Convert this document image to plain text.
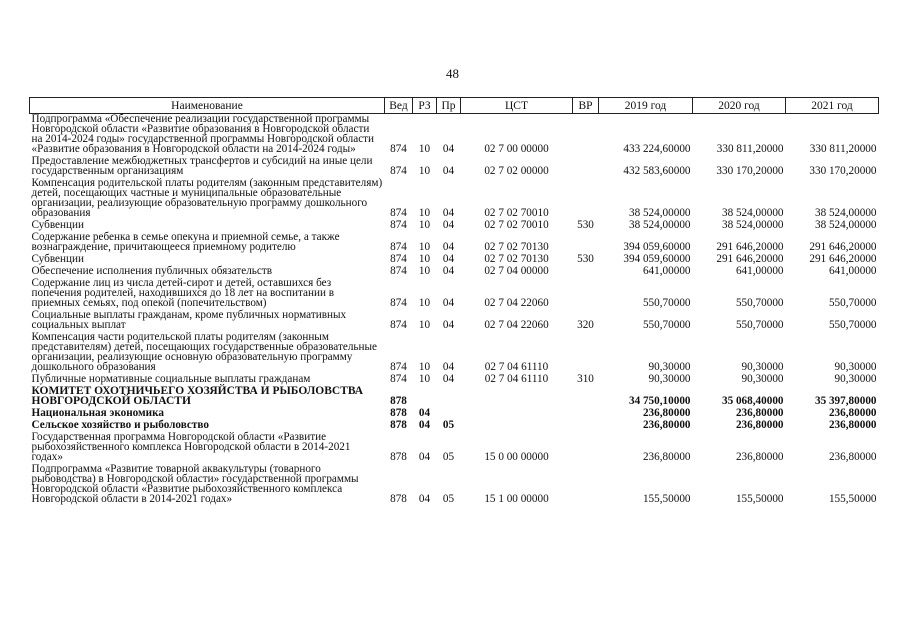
48
Наименование	Вед	РЗ	Пр	ЦСТ	ВР	2019 год	2020 год	2021 год
Подпрограмма «Обеспечение реализации государственной программы Новгородской области «Развитие образования в Новгородской области на 2014-2024 годы» государственной программы Новгородской области «Развитие образования в Новгородской области на 2014-2024 годы»	874	10	04	02 7 00 00000		433 224,60000	330 811,20000	330 811,20000
Предоставление межбюджетных трансфертов и субсидий на иные цели государственным организациям	874	10	04	02 7 02 00000		432 583,60000	330 170,20000	330 170,20000
Компенсация родительской платы родителям (законным представителям) детей, посещающих частные и муниципальные образовательные организации, реализующие образовательную программу дошкольного образования	874	10	04	02 7 02 70010		38 524,00000	38 524,00000	38 524,00000
Субвенции	874	10	04	02 7 02 70010	530	38 524,00000	38 524,00000	38 524,00000
Содержание ребенка в семье опекуна и приемной семье, а также вознаграждение, причитающееся приемному родителю	874	10	04	02 7 02 70130		394 059,60000	291 646,20000	291 646,20000
Субвенции	874	10	04	02 7 02 70130	530	394 059,60000	291 646,20000	291 646,20000
Обеспечение исполнения публичных обязательств	874	10	04	02 7 04 00000		641,00000	641,00000	641,00000
Содержание лиц из числа детей-сирот и детей, оставшихся без попечения родителей, находившихся до 18 лет на воспитании в приемных семьях, под опекой (попечительством)	874	10	04	02 7 04 22060		550,70000	550,70000	550,70000
Социальные выплаты гражданам, кроме публичных нормативных социальных выплат	874	10	04	02 7 04 22060	320	550,70000	550,70000	550,70000
Компенсация части родительской платы родителям (законным представителям) детей, посещающих государственные образовательные организации, реализующие основную образовательную программу дошкольного образования	874	10	04	02 7 04 61110		90,30000	90,30000	90,30000
Публичные нормативные социальные выплаты гражданам	874	10	04	02 7 04 61110	310	90,30000	90,30000	90,30000
КОМИТЕТ ОХОТНИЧЬЕГО ХОЗЯЙСТВА И РЫБОЛОВСТВА НОВГОРОДСКОЙ ОБЛАСТИ	878					34 750,10000	35 068,40000	35 397,80000
Национальная экономика	878	04				236,80000	236,80000	236,80000
Сельское хозяйство и рыболовство	878	04	05			236,80000	236,80000	236,80000
Государственная программа Новгородской области «Развитие рыбохозяйственного комплекса Новгородской области в 2014-2021 годах»	878	04	05	15 0 00 00000		236,80000	236,80000	236,80000
Подпрограмма «Развитие товарной аквакультуры (товарного рыбоводства) в Новгородской области» государственной программы Новгородской области «Развитие рыбохозяйственного комплекса Новгородской области в 2014-2021 годах»	878	04	05	15 1 00 00000		155,50000	155,50000	155,50000
